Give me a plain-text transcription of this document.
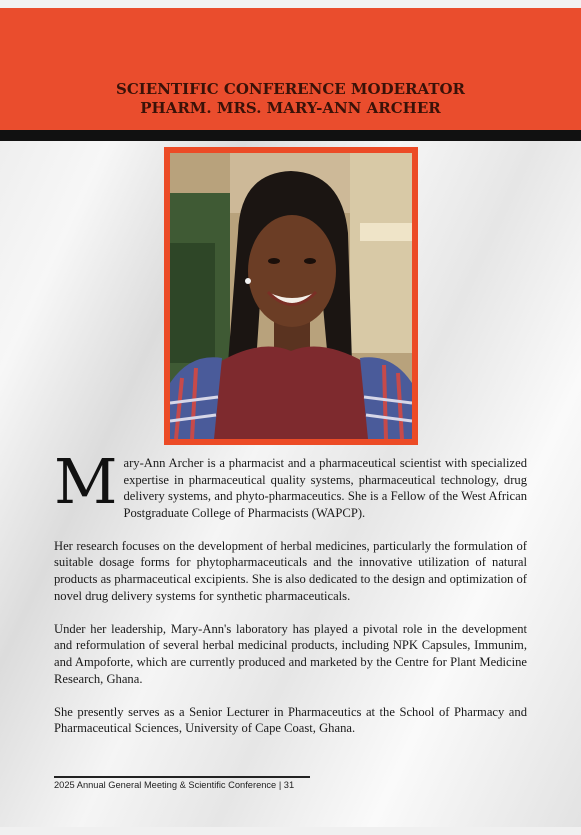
SCIENTIFIC CONFERENCE MODERATOR
PHARM. MRS. MARY-ANN ARCHER

Mary-Ann Archer is a pharmacist and a pharmaceutical scientist with specialized expertise in pharmaceutical quality systems, pharmaceutical technology, drug delivery systems, and phyto-pharmaceutics. She is a Fellow of the West African Postgraduate College of Pharmacists (WAPCP).

Her research focuses on the development of herbal medicines, particularly the formulation of suitable dosage forms for phytopharmaceuticals and the innovative utilization of natural products as pharmaceutical excipients. She is also dedicated to the design and optimization of novel drug delivery systems for synthetic pharmaceuticals.

Under her leadership, Mary-Ann's laboratory has played a pivotal role in the development and reformulation of several herbal medicinal products, including NPK Capsules, Immunim, and Ampoforte, which are currently produced and marketed by the Centre for Plant Medicine Research, Ghana.

She presently serves as a Senior Lecturer in Pharmaceutics at the School of Pharmacy and Pharmaceutical Sciences, University of Cape Coast, Ghana.

2025 Annual General Meeting & Scientific Conference | 31
